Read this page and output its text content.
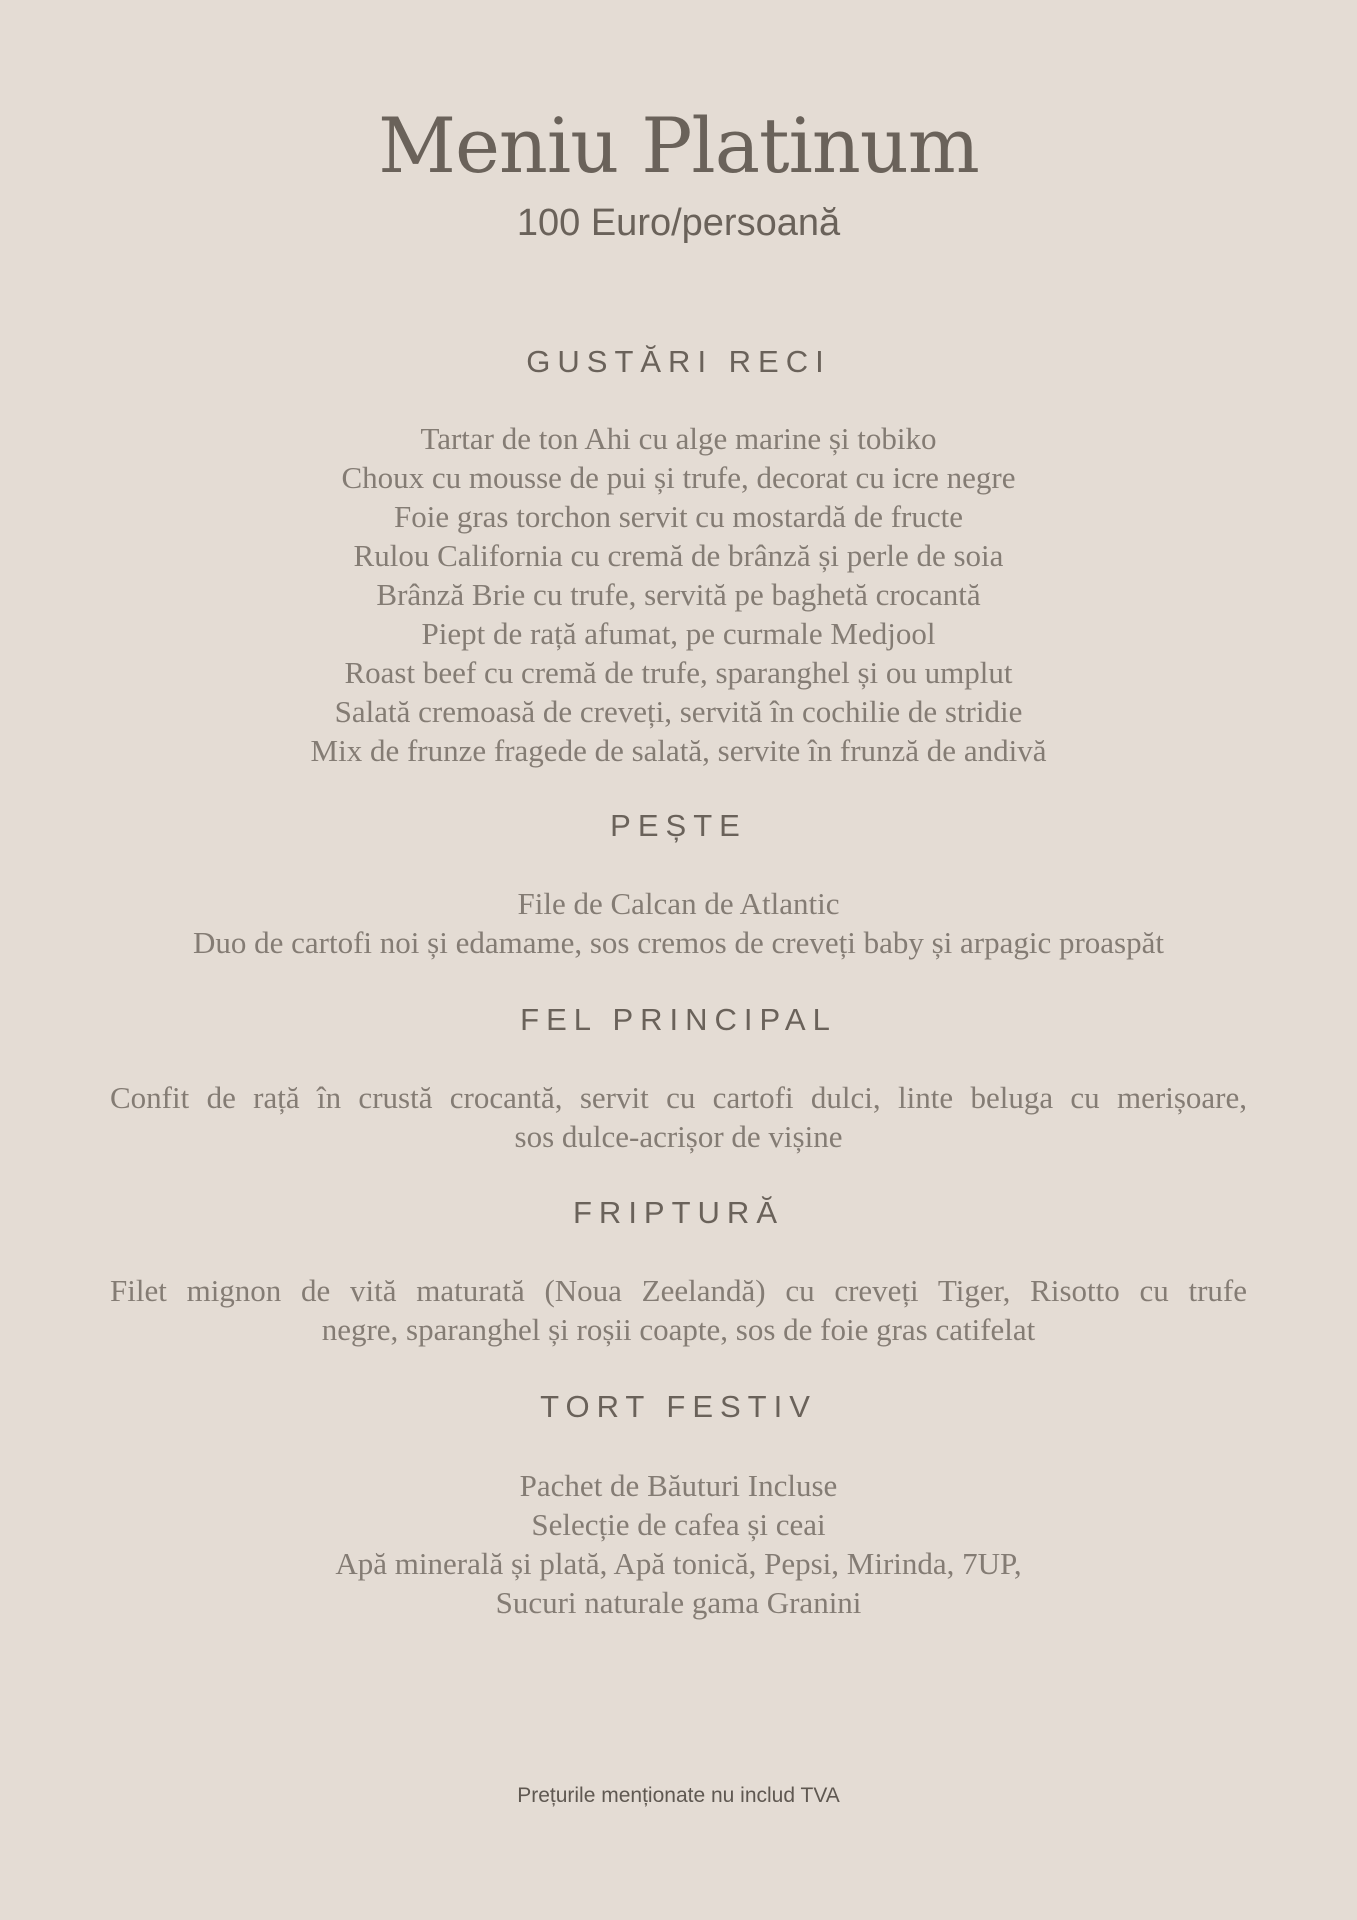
Meniu Platinum
100 Euro/persoană
GUSTĂRI RECI
Tartar de ton Ahi cu alge marine și tobiko
Choux cu mousse de pui și trufe, decorat cu icre negre
Foie gras torchon servit cu mostardă de fructe
Rulou California cu cremă de brânză și perle de soia
Brânză Brie cu trufe, servită pe baghetă crocantă
Piept de rață afumat, pe curmale Medjool
Roast beef cu cremă de trufe, sparanghel și ou umplut
Salată cremoasă de creveți, servită în cochilie de stridie
Mix de frunze fragede de salată, servite în frunză de andivă
PEȘTE
File de Calcan de Atlantic
Duo de cartofi noi și edamame, sos cremos de creveți baby și arpagic proaspăt
FEL PRINCIPAL
Confit de rață în crustă crocantă, servit cu cartofi dulci, linte beluga cu merișoare,
sos dulce-acrișor de vișine
FRIPTURĂ
Filet mignon de vită maturată (Noua Zeelandă) cu creveți Tiger, Risotto cu trufe
negre, sparanghel și roșii coapte, sos de foie gras catifelat
TORT FESTIV
Pachet de Băuturi Incluse
Selecție de cafea și ceai
Apă minerală și plată, Apă tonică, Pepsi, Mirinda, 7UP,
Sucuri naturale gama Granini
Prețurile menționate nu includ TVA
